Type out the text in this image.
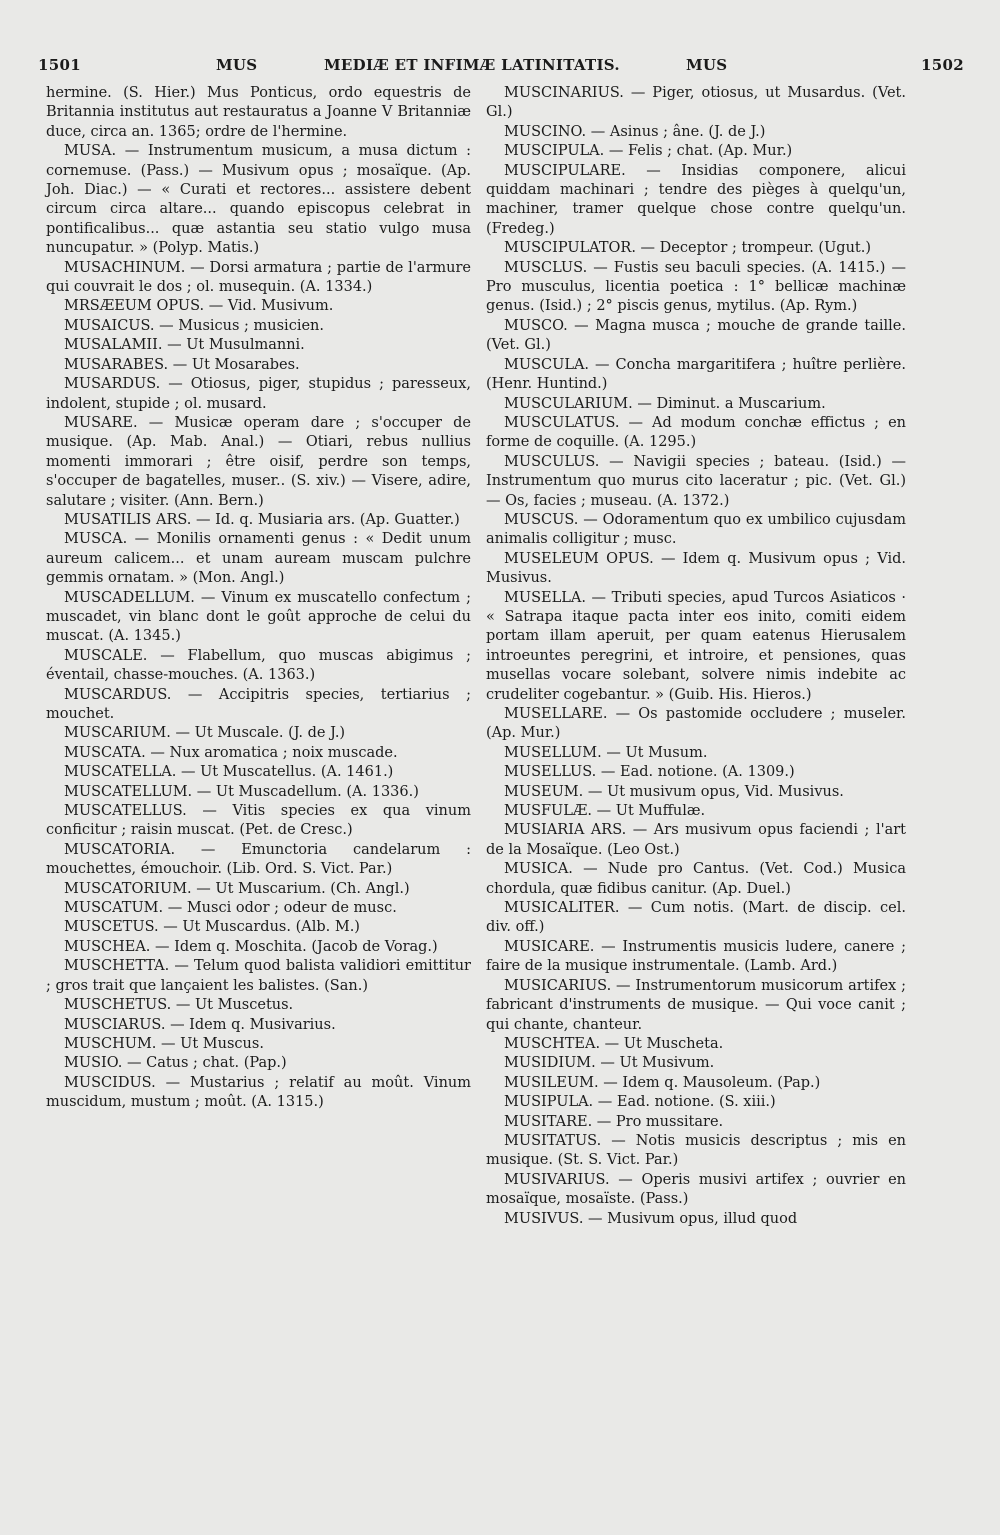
1501	MUS	MEDIÆ ET INFIMÆ LATINITATIS.	MUS	1502

hermine. (S. Hier.) Mus Ponticus, ordo equestris de Britannia institutus aut restauratus a Joanne V Britanniæ duce, circa an. 1365; ordre de l'hermine.

MUSA. — Instrumentum musicum, a musa dictum : cornemuse. (Pass.) — Musivum opus ; mosaïque. (Ap. Joh. Diac.) — « Curati et rectores... assistere debent circum circa altare... quando episcopus celebrat in pontificalibus... quæ astantia seu statio vulgo musa nuncupatur. » (Polyp. Matis.)

MUSACHINUM. — Dorsi armatura ; partie de l'armure qui couvrait le dos ; ol. musequin. (A. 1334.)

MRSÆEUM OPUS. — Vid. Musivum.

MUSAICUS. — Musicus ; musicien.

MUSALAMII. — Ut Musulmanni.

MUSARABES. — Ut Mosarabes.

MUSARDUS. — Otiosus, piger, stupidus ; paresseux, indolent, stupide ; ol. musard.

MUSARE. — Musicæ operam dare ; s'occuper de musique. (Ap. Mab. Anal.) — Otiari, rebus nullius momenti immorari ; être oisif, perdre son temps, s'occuper de bagatelles, muser.. (S. xiv.) — Visere, adire, salutare ; visiter. (Ann. Bern.)

MUSATILIS ARS. — Id. q. Musiaria ars. (Ap. Guatter.)

MUSCA. — Monilis ornamenti genus : « Dedit unum aureum calicem... et unam auream muscam pulchre gemmis ornatam. » (Mon. Angl.)

MUSCADELLUM. — Vinum ex muscatello confectum ; muscadet, vin blanc dont le goût approche de celui du muscat. (A. 1345.)

MUSCALE. — Flabellum, quo muscas abigimus ; éventail, chasse-mouches. (A. 1363.)

MUSCARDUS. — Accipitris species, tertiarius ; mouchet.

MUSCARIUM. — Ut Muscale. (J. de J.)

MUSCATA. — Nux aromatica ; noix muscade.

MUSCATELLA. — Ut Muscatellus. (A. 1461.)

MUSCATELLUM. — Ut Muscadellum. (A. 1336.)

MUSCATELLUS. — Vitis species ex qua vinum conficitur ; raisin muscat. (Pet. de Cresc.)

MUSCATORIA. — Emunctoria candelarum : mouchettes, émouchoir. (Lib. Ord. S. Vict. Par.)

MUSCATORIUM. — Ut Muscarium. (Ch. Angl.)

MUSCATUM. — Musci odor ; odeur de musc.

MUSCETUS. — Ut Muscardus. (Alb. M.)

MUSCHEA. — Idem q. Moschita. (Jacob de Vorag.)

MUSCHETTA. — Telum quod balista validiori emittitur ; gros trait que lançaient les balistes. (San.)

MUSCHETUS. — Ut Muscetus.

MUSCIARUS. — Idem q. Musivarius.

MUSCHUM. — Ut Muscus.

MUSIO. — Catus ; chat. (Pap.)

MUSCIDUS. — Mustarius ; relatif au moût. Vinum muscidum, mustum ; moût. (A. 1315.)

MUSCINARIUS. — Piger, otiosus, ut Musardus. (Vet. Gl.)

MUSCINO. — Asinus ; âne. (J. de J.)

MUSCIPULA. — Felis ; chat. (Ap. Mur.)

MUSCIPULARE. — Insidias componere, alicui quiddam machinari ; tendre des pièges à quelqu'un, machiner, tramer quelque chose contre quelqu'un. (Fredeg.)

MUSCIPULATOR. — Deceptor ; trompeur. (Ugut.)

MUSCLUS. — Fustis seu baculi species. (A. 1415.) — Pro musculus, licentia poetica : 1° bellicæ machinæ genus. (Isid.) ; 2° piscis genus, mytilus. (Ap. Rym.)

MUSCO. — Magna musca ; mouche de grande taille. (Vet. Gl.)

MUSCULA. — Concha margaritifera ; huître perlière. (Henr. Huntind.)

MUSCULARIUM. — Diminut. a Muscarium.

MUSCULATUS. — Ad modum conchæ effictus ; en forme de coquille. (A. 1295.)

MUSCULUS. — Navigii species ; bateau. (Isid.) — Instrumentum quo murus cito laceratur ; pic. (Vet. Gl.) — Os, facies ; museau. (A. 1372.)

MUSCUS. — Odoramentum quo ex umbilico cujusdam animalis colligitur ; musc.

MUSELEUM OPUS. — Idem q. Musivum opus ; Vid. Musivus.

MUSELLA. — Tributi species, apud Turcos Asiaticos · « Satrapa itaque pacta inter eos inito, comiti eidem portam illam aperuit, per quam eatenus Hierusalem introeuntes peregrini, et introire, et pensiones, quas musellas vocare solebant, solvere nimis indebite ac crudeliter cogebantur. » (Guib. His. Hieros.)

MUSELLARE. — Os pastomide occludere ; museler. (Ap. Mur.)

MUSELLUM. — Ut Musum.

MUSELLUS. — Ead. notione. (A. 1309.)

MUSEUM. — Ut musivum opus, Vid. Musivus.

MUSFULÆ. — Ut Muffulæ.

MUSIARIA ARS. — Ars musivum opus faciendi ; l'art de la Mosaïque. (Leo Ost.)

MUSICA. — Nude pro Cantus. (Vet. Cod.) Musica chordula, quæ fidibus canitur. (Ap. Duel.)

MUSICALITER. — Cum notis. (Mart. de discip. cel. div. off.)

MUSICARE. — Instrumentis musicis ludere, canere ; faire de la musique instrumentale. (Lamb. Ard.)

MUSICARIUS. — Instrumentorum musicorum artifex ; fabricant d'instruments de musique. — Qui voce canit ; qui chante, chanteur.

MUSCHTEA. — Ut Muscheta.

MUSIDIUM. — Ut Musivum.

MUSILEUM. — Idem q. Mausoleum. (Pap.)

MUSIPULA. — Ead. notione. (S. xiii.)

MUSITARE. — Pro mussitare.

MUSITATUS. — Notis musicis descriptus ; mis en musique. (St. S. Vict. Par.)

MUSIVARIUS. — Operis musivi artifex ; ouvrier en mosaïque, mosaïste. (Pass.)

MUSIVUS. — Musivum opus, illud quod
